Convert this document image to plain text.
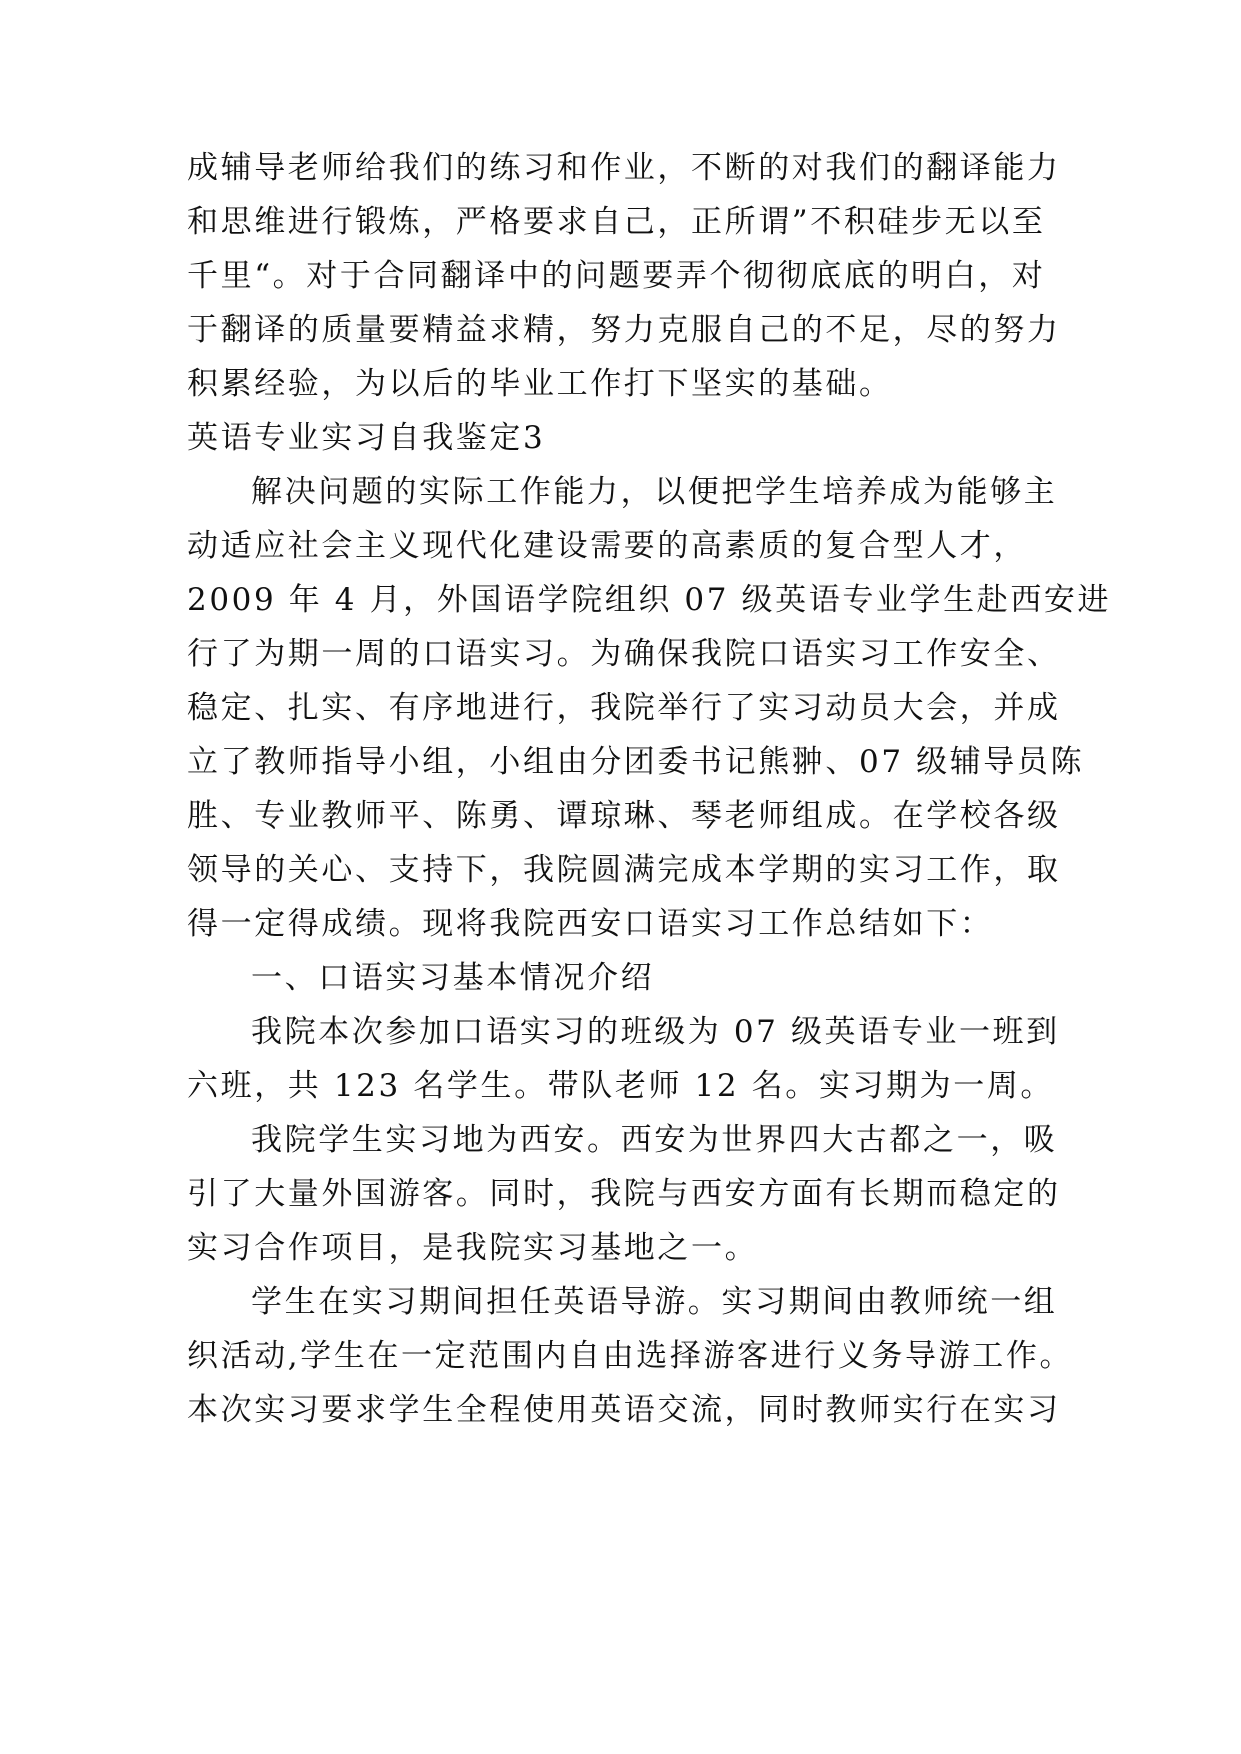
成辅导老师给我们的练习和作业，不断的对我们的翻译能力
和思维进行锻炼，严格要求自己，正所谓”不积硅步无以至
千里“。对于合同翻译中的问题要弄个彻彻底底的明白，对
于翻译的质量要精益求精，努力克服自己的不足，尽的努力
积累经验，为以后的毕业工作打下坚实的基础。
英语专业实习自我鉴定3
解决问题的实际工作能力，以便把学生培养成为能够主
动适应社会主义现代化建设需要的高素质的复合型人才，
2009 年 4 月，外国语学院组织 07 级英语专业学生赴西安进
行了为期一周的口语实习。为确保我院口语实习工作安全、
稳定、扎实、有序地进行，我院举行了实习动员大会，并成
立了教师指导小组，小组由分团委书记熊翀、07 级辅导员陈
胜、专业教师平、陈勇、谭琼琳、琴老师组成。在学校各级
领导的关心、支持下，我院圆满完成本学期的实习工作，取
得一定得成绩。现将我院西安口语实习工作总结如下：
一、口语实习基本情况介绍
我院本次参加口语实习的班级为 07 级英语专业一班到
六班，共 123 名学生。带队老师 12 名。实习期为一周。
我院学生实习地为西安。西安为世界四大古都之一，吸
引了大量外国游客。同时，我院与西安方面有长期而稳定的
实习合作项目，是我院实习基地之一。
学生在实习期间担任英语导游。实习期间由教师统一组
织活动,学生在一定范围内自由选择游客进行义务导游工作。
本次实习要求学生全程使用英语交流，同时教师实行在实习
